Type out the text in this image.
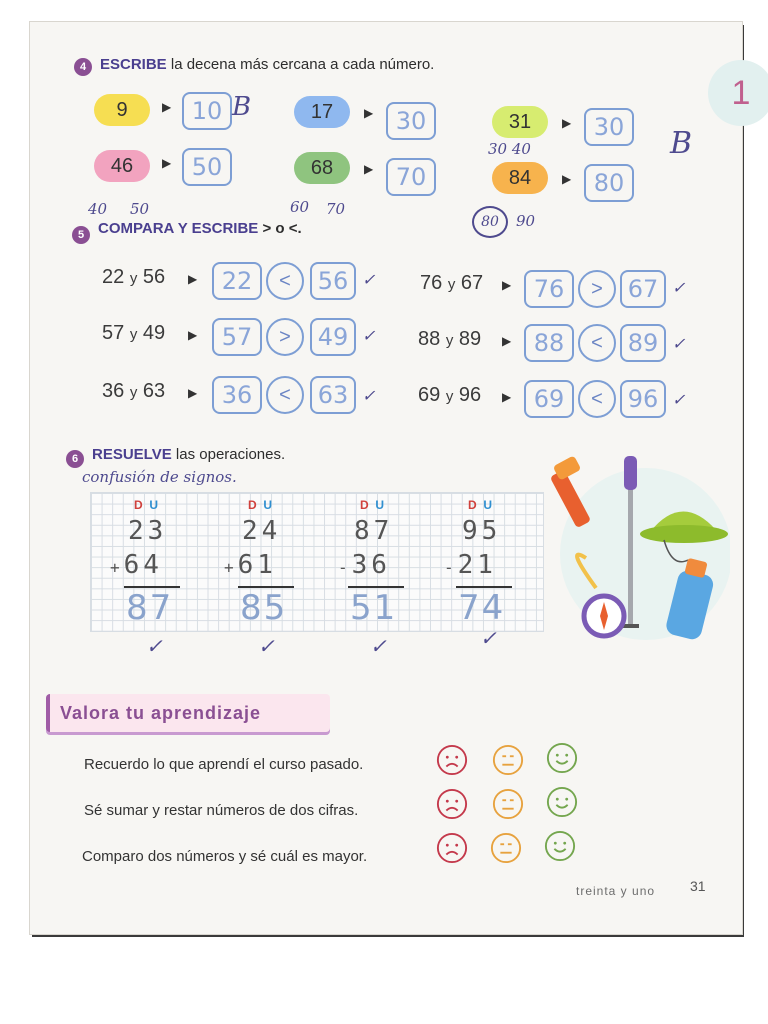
1
4 ESCRIBE la decena más cercana a cada número.
9	▶ 10 B	17	▶ 30	31	▶ 30
30 40	B
46	▶ 50
40 50
68	▶ 70
60 70
84	▶ 80
80	90
5 COMPARA Y ESCRIBE > o <.
22 y 56 ▶	22	<	56 ✓
57 y 49 ▶	57	>	49 ✓
36 y 63 ▶	36	<	63 ✓
76 y 67 ▶ 76	>	67 ✓
88 y 89 ▶ 88	<	89 ✓
69 y 96 ▶ 69	<	96 ✓
6 RESUELVE las operaciones.
confusión de signos.
D U
23
+64
87
✓
D U
24
+61
85
✓
D U
87
-36
51
✓
D U
95
-21
74
✓
Valora tu aprendizaje
Recuerdo lo que aprendí el curso pasado.
Sé sumar y restar números de dos cifras.
Comparo dos números y sé cuál es mayor.
treinta y uno 31
